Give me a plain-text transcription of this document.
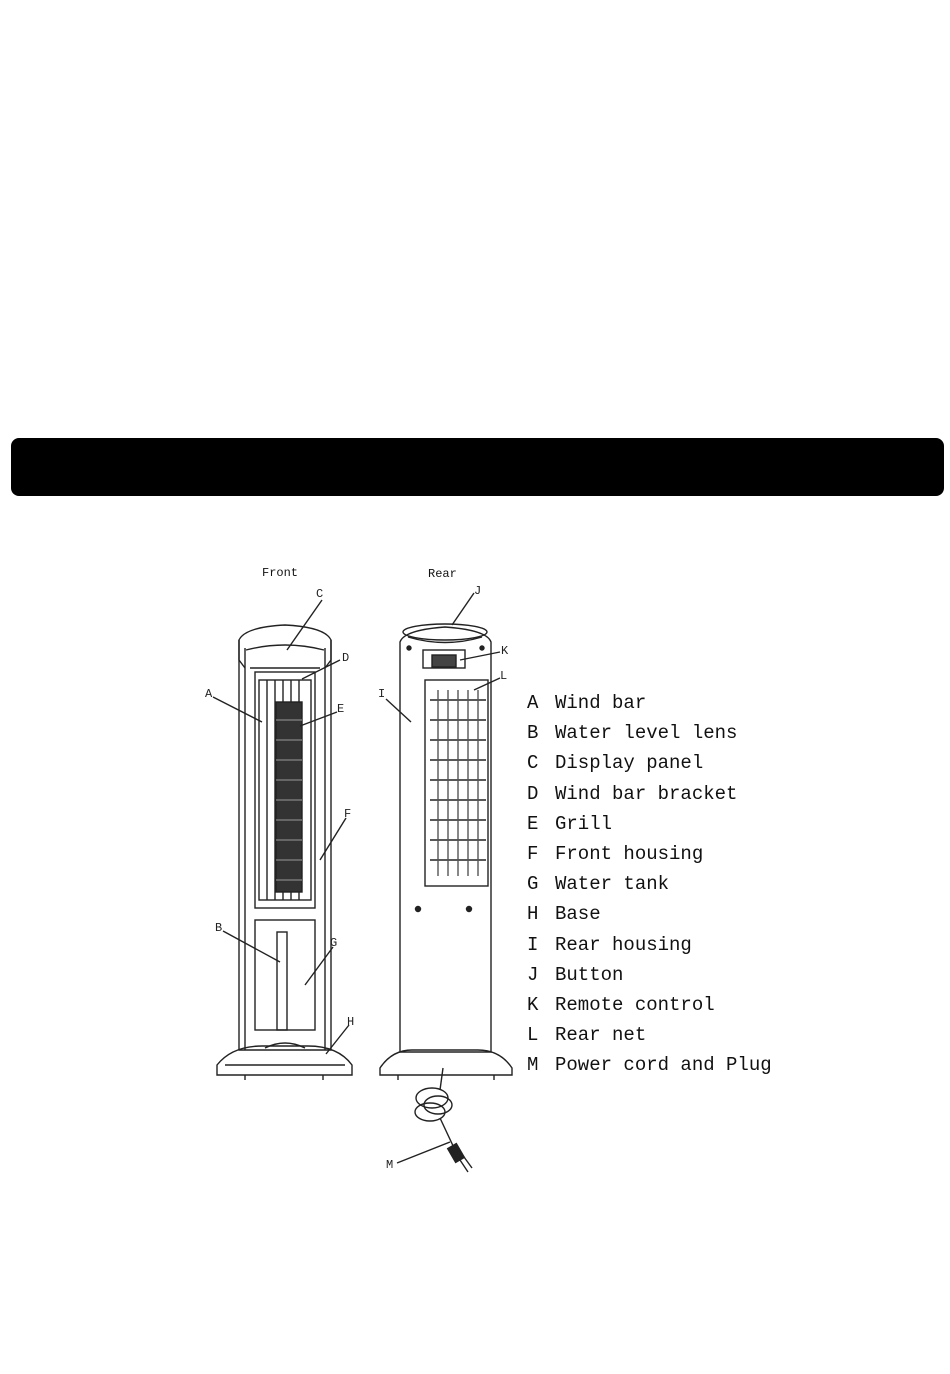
Front	Rear
C
D
A
E
F
B
G
H
J
K
L
I
M
A Wind bar
B Water level lens
C Display panel
D Wind bar bracket
E Grill
F Front housing
G Water tank
H Base
I Rear housing
J Button
K Remote control
L Rear net
M Power cord and Plug
